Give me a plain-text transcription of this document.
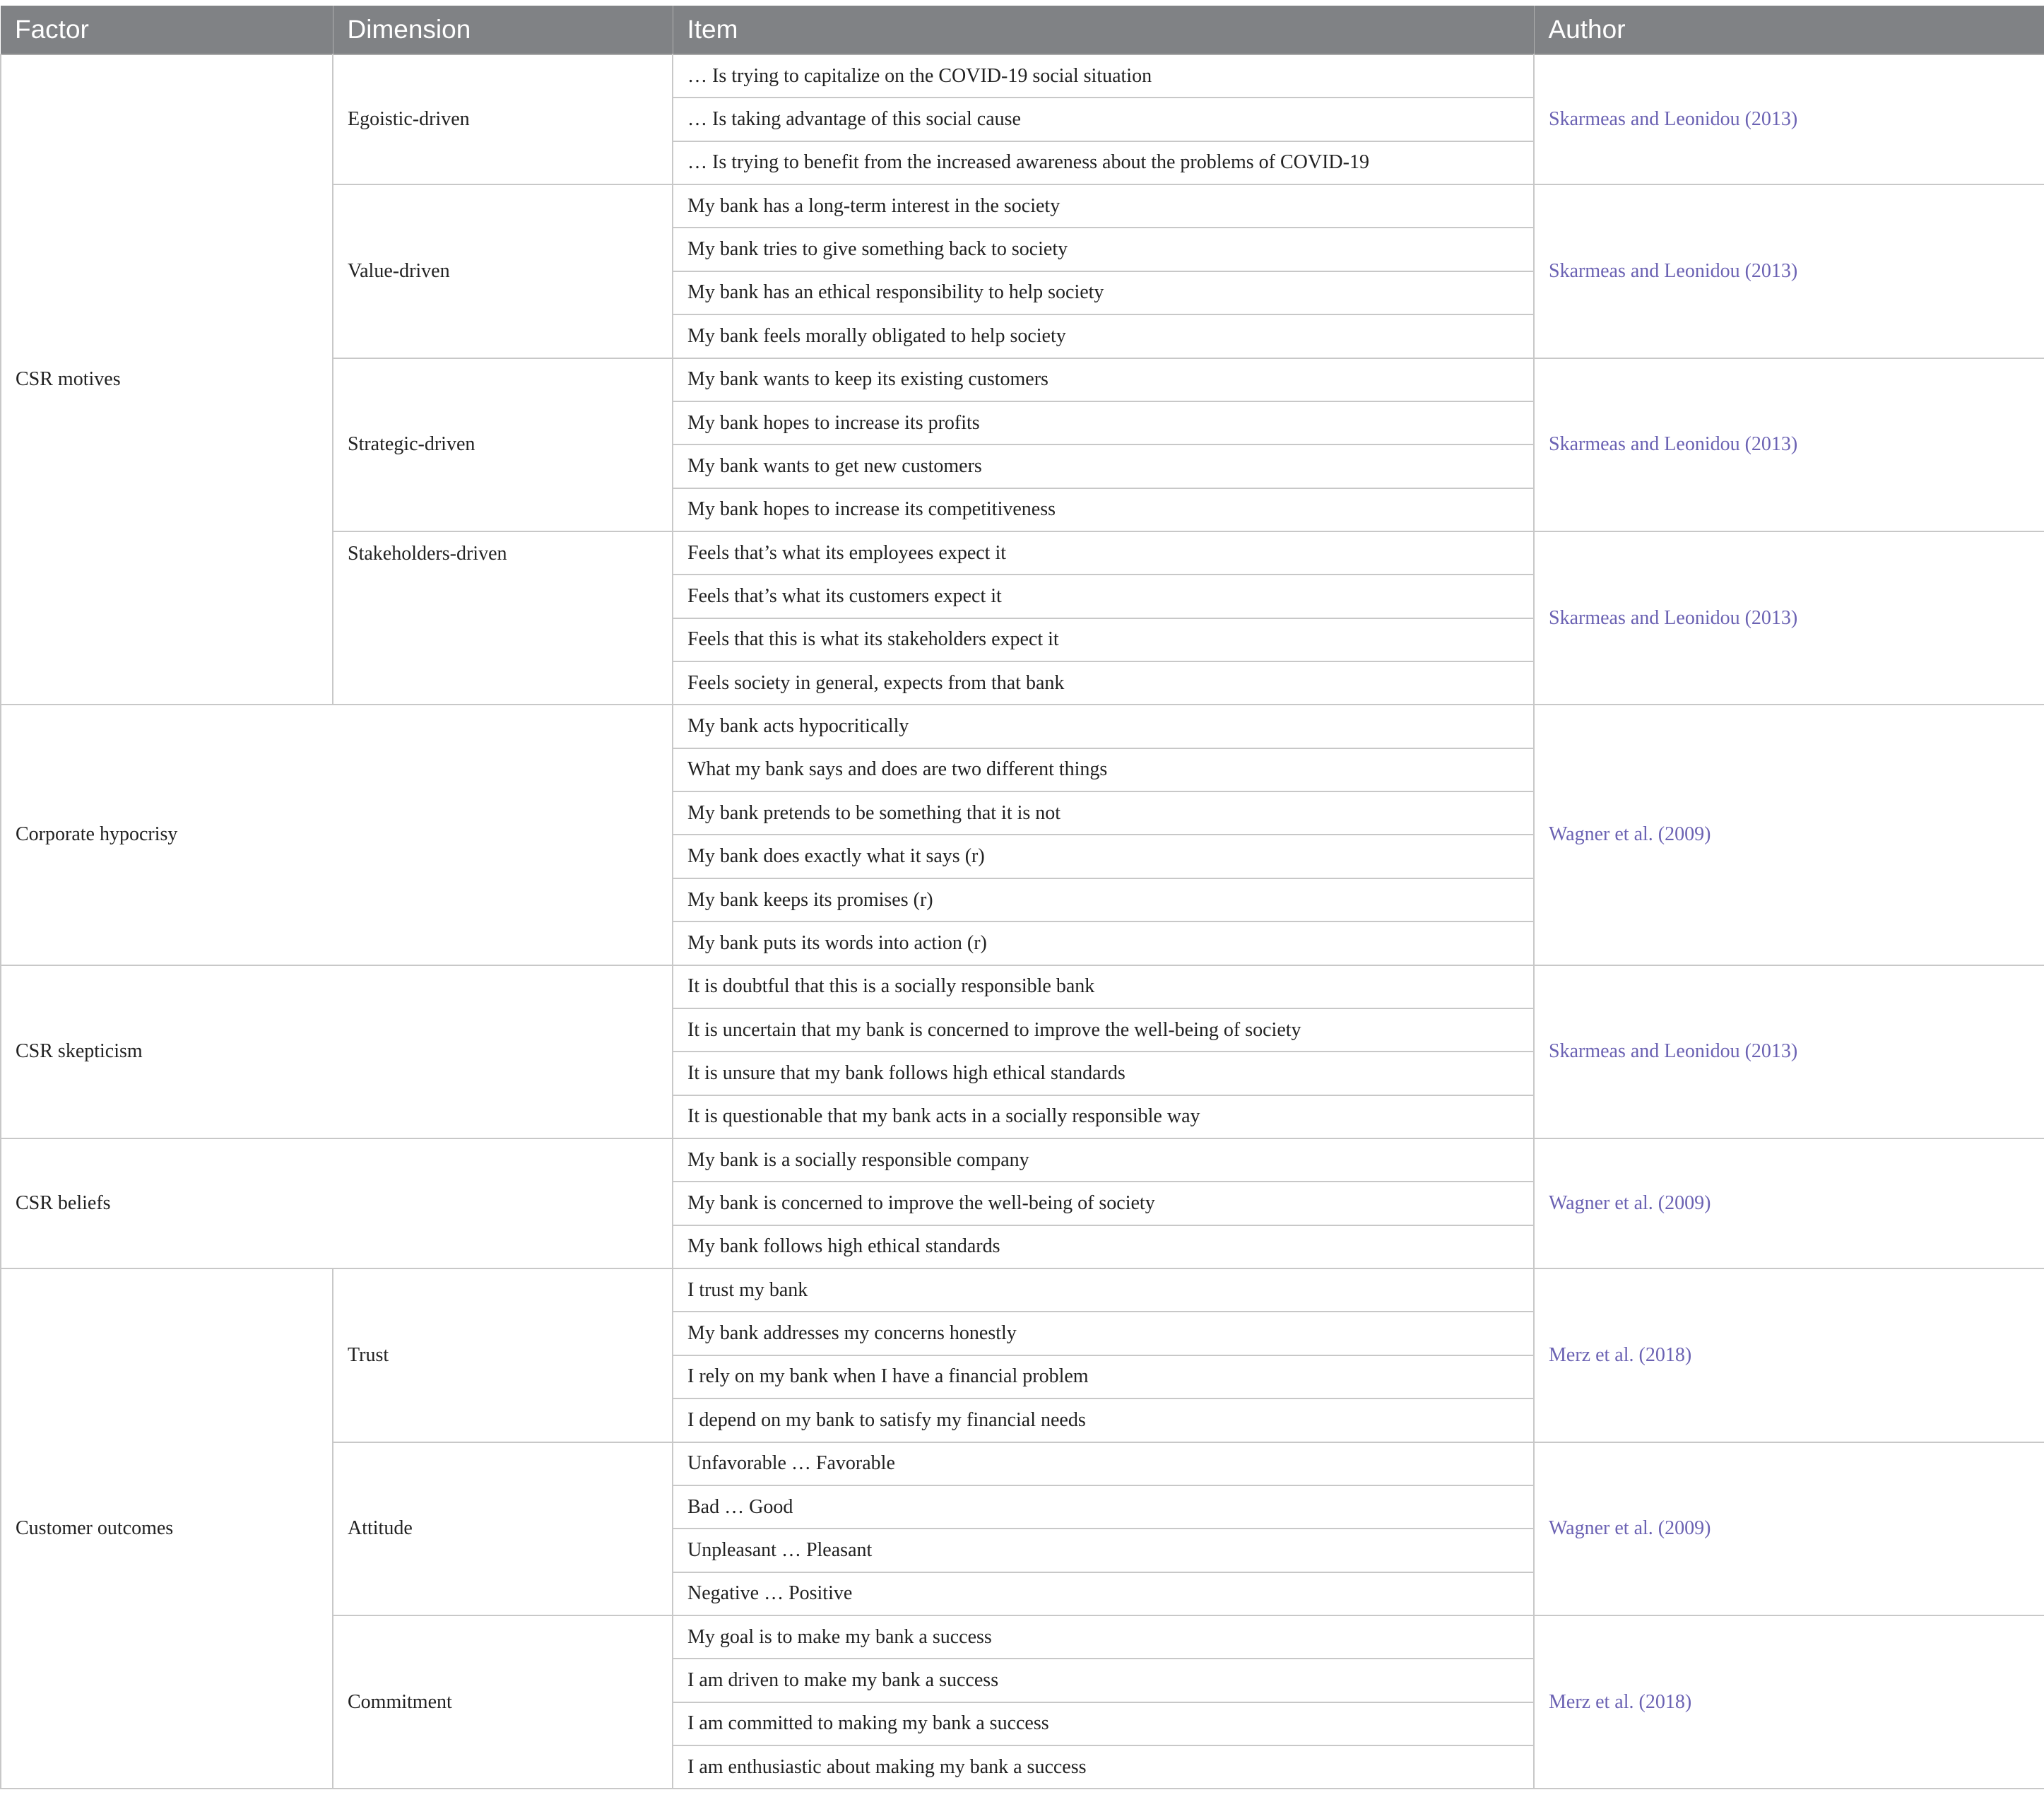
Factor	Dimension	Item	Author
CSR motives	Egoistic-driven	… Is trying to capitalize on the COVID-19 social situation	Skarmeas and Leonidou (2013)
		… Is taking advantage of this social cause	
		… Is trying to benefit from the increased awareness about the problems of COVID-19	
	Value-driven	My bank has a long-term interest in the society	Skarmeas and Leonidou (2013)
		My bank tries to give something back to society	
		My bank has an ethical responsibility to help society	
		My bank feels morally obligated to help society	
	Strategic-driven	My bank wants to keep its existing customers	Skarmeas and Leonidou (2013)
		My bank hopes to increase its profits	
		My bank wants to get new customers	
		My bank hopes to increase its competitiveness	
	Stakeholders-driven	Feels that’s what its employees expect it	Skarmeas and Leonidou (2013)
		Feels that’s what its customers expect it	
		Feels that this is what its stakeholders expect it	
		Feels society in general, expects from that bank	
Corporate hypocrisy		My bank acts hypocritically	Wagner et al. (2009)
		What my bank says and does are two different things	
		My bank pretends to be something that it is not	
		My bank does exactly what it says (r)	
		My bank keeps its promises (r)	
		My bank puts its words into action (r)	
CSR skepticism		It is doubtful that this is a socially responsible bank	Skarmeas and Leonidou (2013)
		It is uncertain that my bank is concerned to improve the well-being of society	
		It is unsure that my bank follows high ethical standards	
		It is questionable that my bank acts in a socially responsible way	
CSR beliefs		My bank is a socially responsible company	Wagner et al. (2009)
		My bank is concerned to improve the well-being of society	
		My bank follows high ethical standards	
Customer outcomes	Trust	I trust my bank	Merz et al. (2018)
		My bank addresses my concerns honestly	
		I rely on my bank when I have a financial problem	
		I depend on my bank to satisfy my financial needs	
	Attitude	Unfavorable … Favorable	Wagner et al. (2009)
		Bad … Good	
		Unpleasant … Pleasant	
		Negative … Positive	
	Commitment	My goal is to make my bank a success	Merz et al. (2018)
		I am driven to make my bank a success	
		I am committed to making my bank a success	
		I am enthusiastic about making my bank a success	
